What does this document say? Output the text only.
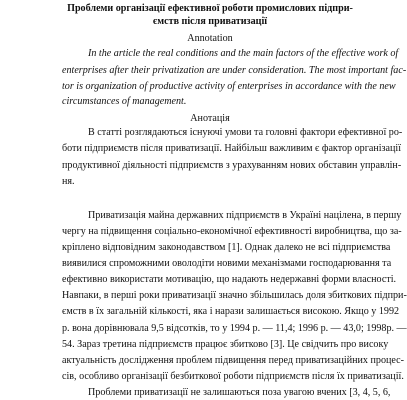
Проблеми організації ефективної роботи промислових підпри-
ємств після приватизації
Annotation
In the article the real conditions and the main factors of the effective work of
enterprises after their privatization are under consideration. The most important fac-
tor is organization of productive activity of enterprises in accordance with the new
circumstances of management.
Анотація
В статті розглядаються існуючі умови та головні фактори ефективної ро-
боти підприємств після приватизації. Найбільш важливим є фактор організації
продуктивної діяльності підприємств з урахуванням нових обставин управлін-
ня.
Приватизація майна державних підприємств в Україні націлена, в першу
чергу на підвищення соціально-економічної ефективності виробництва, що за-
кріплено відповідним законодавством [1]. Однак далеко не всі підприємства
виявилися спроможними оволодіти новими механізмами господарювання та
ефективно використати мотивацію, що надають недержавні форми власності.
Навпаки, в перші роки приватизації значно збільшилась доля збиткових підпри-
ємств в їх загальній кількості, яка і нарази залишається високою. Якщо у 1992
р. вона дорівнювала 9,5 відсотків, то у 1994 р. — 11,4; 1996 р. — 43,0; 1998р. —
54. Зараз третина підприємств працює збитково [3]. Це свідчить про високу
актуальність дослідження проблем підвищення перед приватизаційних процес-
сів, особливо організації безбиткової роботи підприємств після їх приватизації.
Проблеми приватизації не залишаються поза увагою вчених [3, 4, 5, 6,
